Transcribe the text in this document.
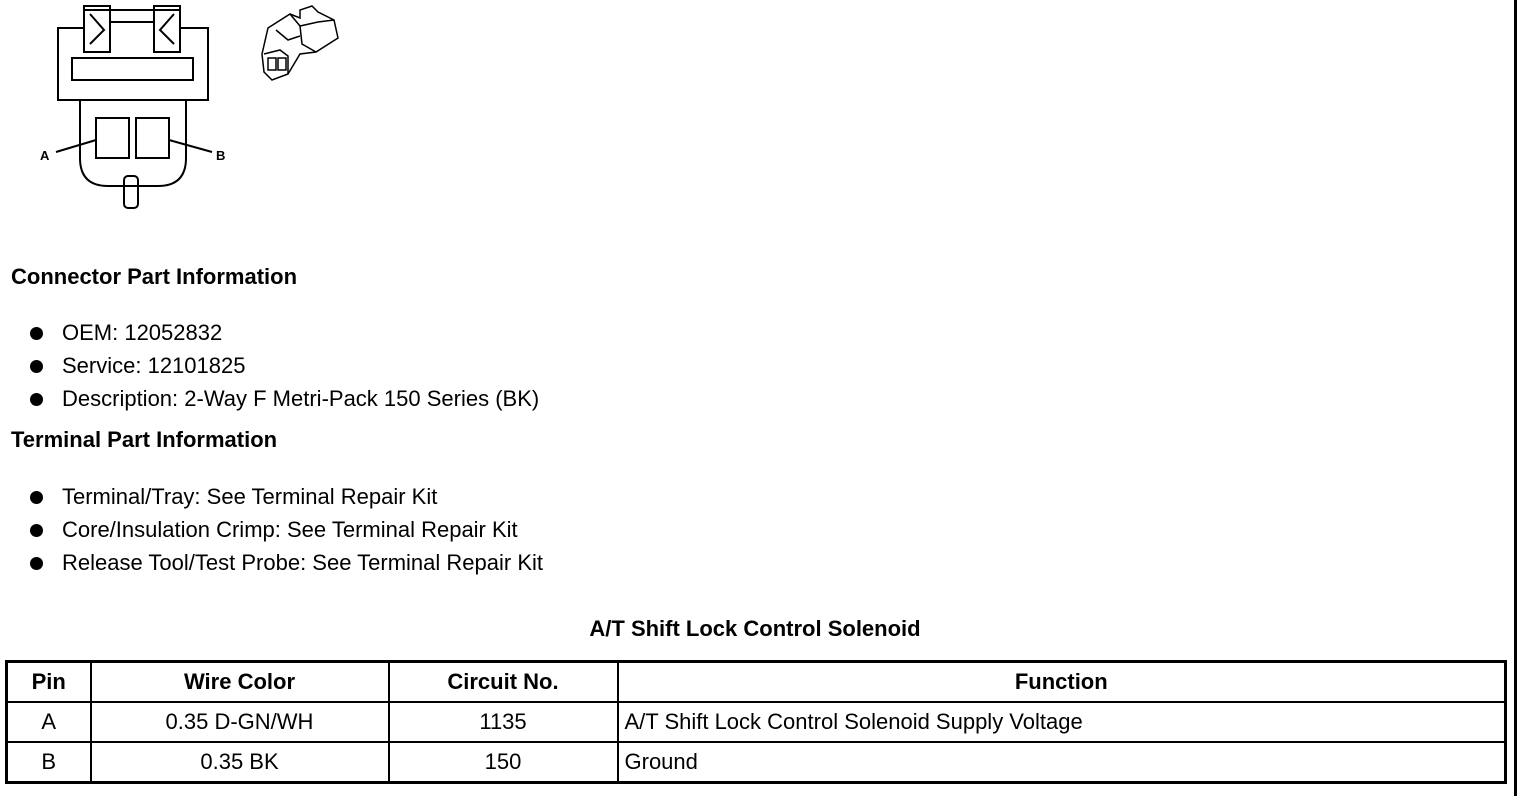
A	B
Connector Part Information
OEM: 12052832
Service: 12101825
Description: 2-Way F Metri-Pack 150 Series (BK)
Terminal Part Information
Terminal/Tray: See Terminal Repair Kit
Core/Insulation Crimp: See Terminal Repair Kit
Release Tool/Test Probe: See Terminal Repair Kit
A/T Shift Lock Control Solenoid
Pin	Wire Color	Circuit No.	Function
A	0.35 D-GN/WH	1135	A/T Shift Lock Control Solenoid Supply Voltage
B	0.35 BK	150	Ground
